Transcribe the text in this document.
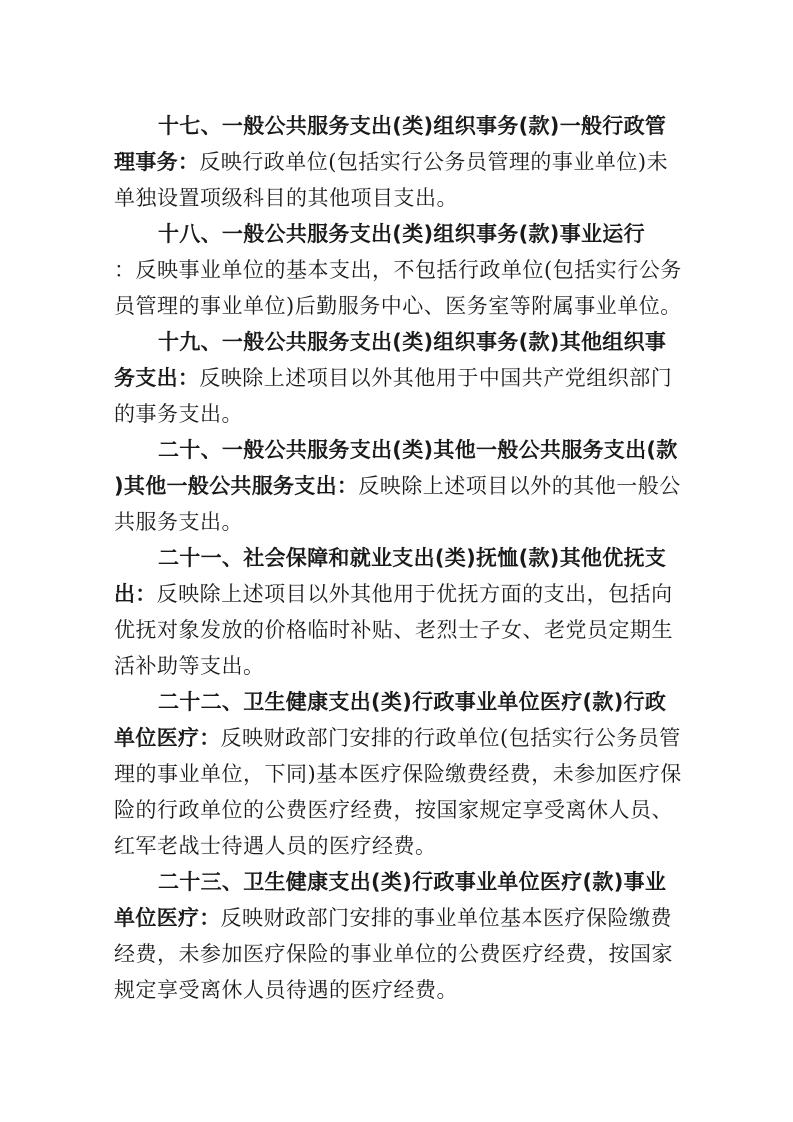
十七、一般公共服务支出(类)组织事务(款)一般行政管
理事务：反映行政单位(包括实行公务员管理的事业单位)未
单独设置项级科目的其他项目支出。
十八、一般公共服务支出(类)组织事务(款)事业运行
：反映事业单位的基本支出，不包括行政单位(包括实行公务
员管理的事业单位)后勤服务中心、医务室等附属事业单位。
十九、一般公共服务支出(类)组织事务(款)其他组织事
务支出：反映除上述项目以外其他用于中国共产党组织部门
的事务支出。
二十、一般公共服务支出(类)其他一般公共服务支出(款
)其他一般公共服务支出：反映除上述项目以外的其他一般公
共服务支出。
二十一、社会保障和就业支出(类)抚恤(款)其他优抚支
出：反映除上述项目以外其他用于优抚方面的支出，包括向
优抚对象发放的价格临时补贴、老烈士子女、老党员定期生
活补助等支出。
二十二、卫生健康支出(类)行政事业单位医疗(款)行政
单位医疗：反映财政部门安排的行政单位(包括实行公务员管
理的事业单位，下同)基本医疗保险缴费经费，未参加医疗保
险的行政单位的公费医疗经费，按国家规定享受离休人员、
红军老战士待遇人员的医疗经费。
二十三、卫生健康支出(类)行政事业单位医疗(款)事业
单位医疗：反映财政部门安排的事业单位基本医疗保险缴费
经费，未参加医疗保险的事业单位的公费医疗经费，按国家
规定享受离休人员待遇的医疗经费。
